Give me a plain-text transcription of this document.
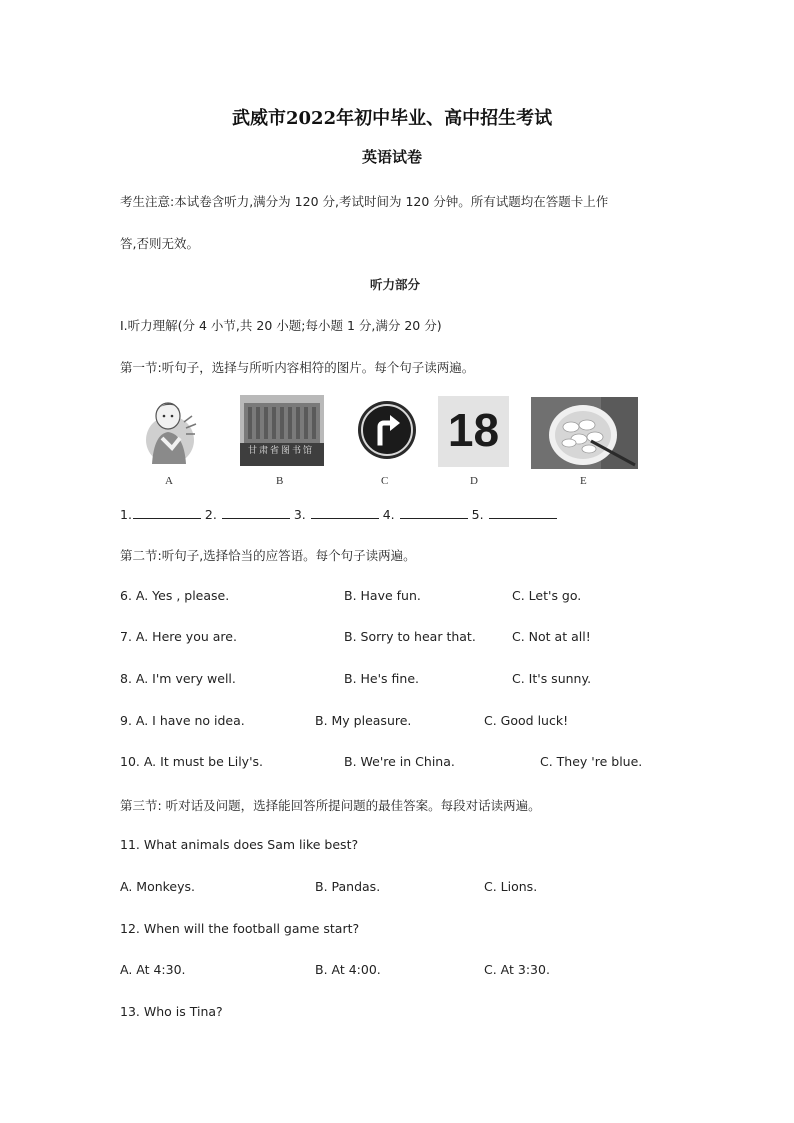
武威市2022年初中毕业、高中招生考试
英语试卷
考生注意:本试卷含听力,满分为 120 分,考试时间为 120 分钟。所有试题均在答题卡上作
答,否则无效。
听力部分
I.听力理解(分 4 小节,共 20 小题;每小题 1 分,满分 20 分)
第一节:听句子，选择与所听内容相符的图片。每个句子读两遍。
A
甘肃省图书馆
B	C
18
D	E
1.	2.	3.	4.	5.
第二节:听句子,选择恰当的应答语。每个句子读两遍。
6. A. Yes , please.	B. Have fun.	C. Let's go.
7. A. Here you are.	B. Sorry to hear that.	C. Not at all!
8. A. I'm very well.	B. He's fine.	C. It's sunny.
9. A. I have no idea.	B. My pleasure.	C. Good luck!
10. A. It must be Lily's.	B. We're in China.	C. They 're blue.
第三节: 听对话及问题，选择能回答所提问题的最佳答案。每段对话读两遍。
11. What animals does Sam like best?
A. Monkeys.	B. Pandas.	C. Lions.
12. When will the football game start?
A. At 4:30.	B. At 4:00.	C. At 3:30.
13. Who is Tina?
